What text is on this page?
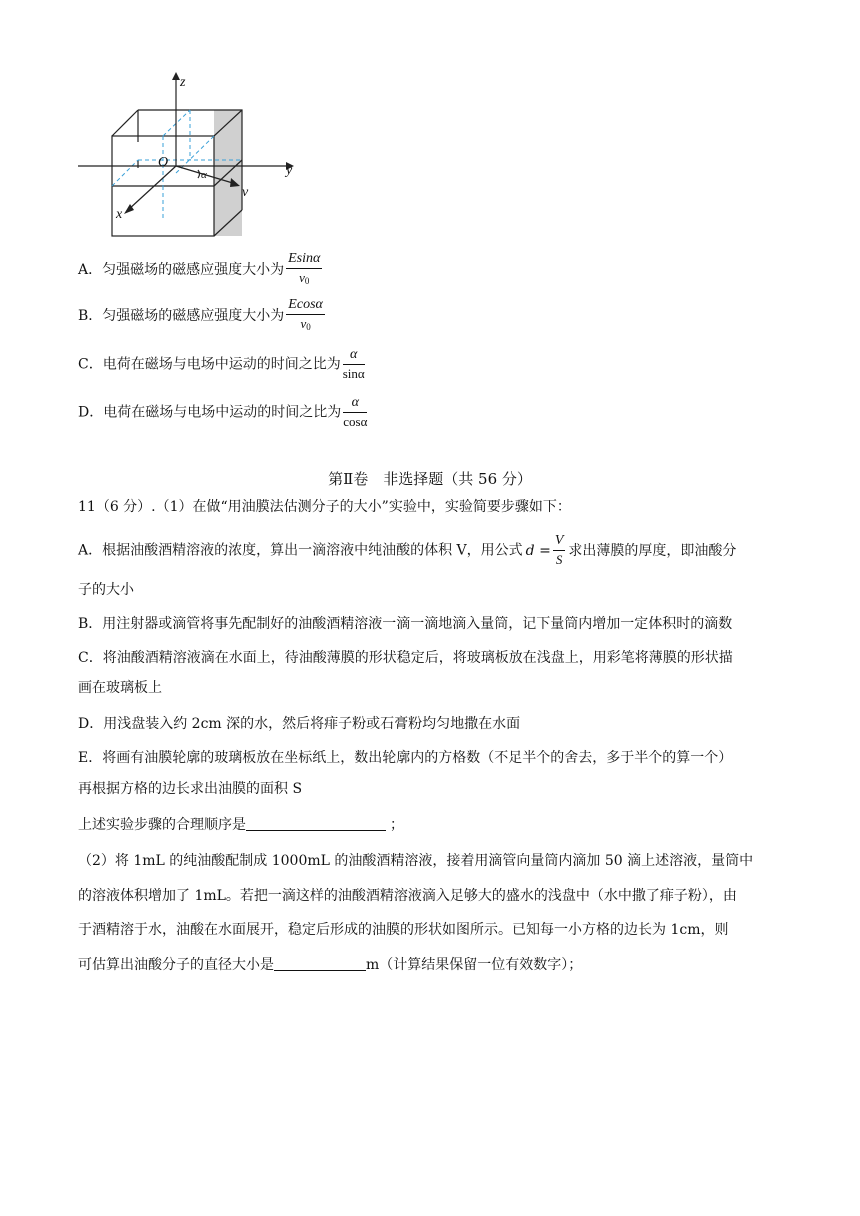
z
y
x
O
α
v
A．匀强磁场的磁感应强度大小为 $\frac{Esin\alpha}{v_0}$
B．匀强磁场的磁感应强度大小为 $\frac{Ecos\alpha}{v_0}$
C．电荷在磁场与电场中运动的时间之比为 $\frac{\alpha}{\sin\alpha}$
D．电荷在磁场与电场中运动的时间之比为 $\frac{\alpha}{\cos\alpha}$
第Ⅱ卷　非选择题（共 56 分）
11（6 分）.（1）在做“用油膜法估测分子的大小”实验中，实验简要步骤如下：
A．根据油酸酒精溶液的浓度，算出一滴溶液中纯油酸的体积 V，用公式 $d = \frac{V}{S}$ 求出薄膜的厚度，即油酸分
子的大小
B．用注射器或滴管将事先配制好的油酸酒精溶液一滴一滴地滴入量筒，记下量筒内增加一定体积时的滴数
C．将油酸酒精溶液滴在水面上，待油酸薄膜的形状稳定后，将玻璃板放在浅盘上，用彩笔将薄膜的形状描
画在玻璃板上
D．用浅盘装入约 2cm 深的水，然后将痱子粉或石膏粉均匀地撒在水面
E．将画有油膜轮廓的玻璃板放在坐标纸上，数出轮廓内的方格数（不足半个的舍去，多于半个的算一个）
再根据方格的边长求出油膜的面积 S
上述实验步骤的合理顺序是	；
（2）将 1mL 的纯油酸配制成 1000mL 的油酸酒精溶液，接着用滴管向量筒内滴加 50 滴上述溶液，量筒中
的溶液体积增加了 1mL。若把一滴这样的油酸酒精溶液滴入足够大的盛水的浅盘中（水中撒了痱子粉），由
于酒精溶于水，油酸在水面展开，稳定后形成的油膜的形状如图所示。已知每一小方格的边长为 1cm，则
可估算出油酸分子的直径大小是	m（计算结果保留一位有效数字）；
